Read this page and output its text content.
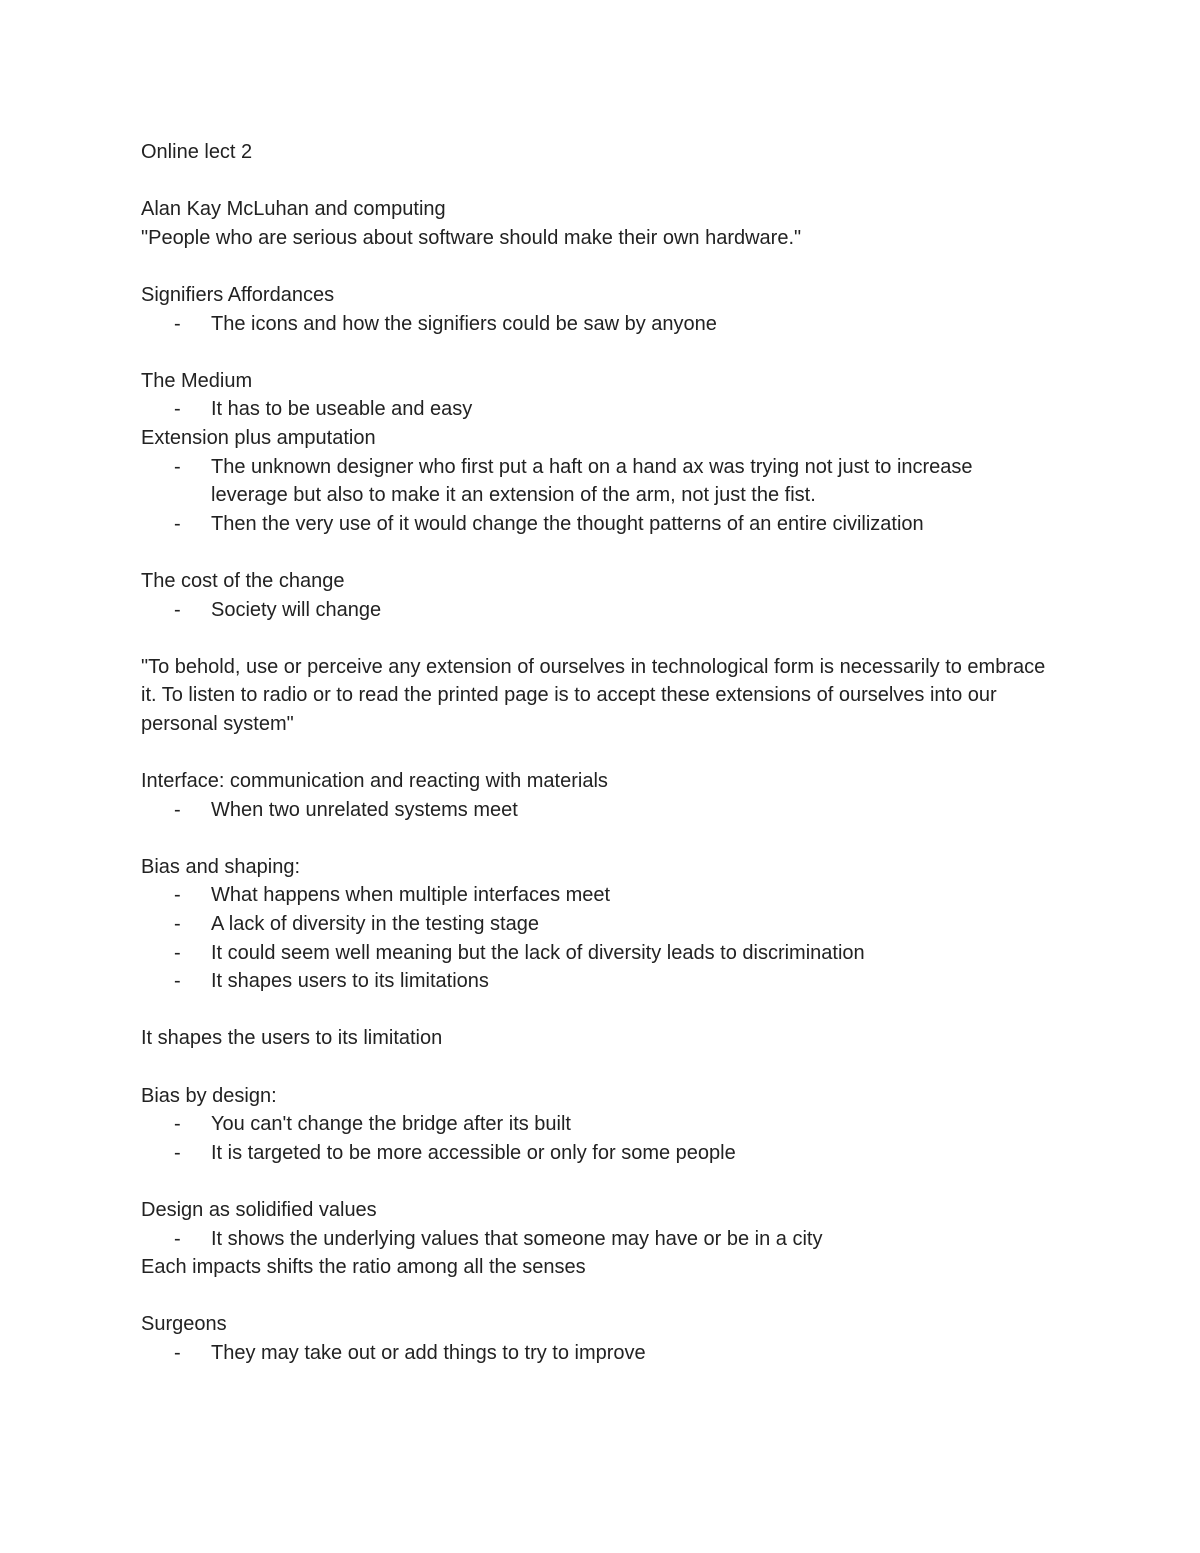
Online lect 2

Alan Kay McLuhan and computing

"People who are serious about software should make their own hardware."

Signifiers Affordances

- The icons and how the signifiers could be saw by anyone

The Medium

- It has to be useable and easy

Extension plus amputation

- The unknown designer who first put a haft on a hand ax was trying not just to increase leverage but also to make it an extension of the arm, not just the fist.

- Then the very use of it would change the thought patterns of an entire civilization

The cost of the change

- Society will change

"To behold, use or perceive any extension of ourselves in technological form is necessarily to embrace it. To listen to radio or to read the printed page is to accept these extensions of ourselves into our personal system"

Interface: communication and reacting with materials

- When two unrelated systems meet

Bias and shaping:

- What happens when multiple interfaces meet

- A lack of diversity in the testing stage

- It could seem well meaning but the lack of diversity leads to discrimination

- It shapes users to its limitations

It shapes the users to its limitation

Bias by design:

- You can't change the bridge after its built

- It is targeted to be more accessible or only for some people

Design as solidified values

- It shows the underlying values that someone may have or be in a city

Each impacts shifts the ratio among all the senses

Surgeons

- They may take out or add things to try to improve
